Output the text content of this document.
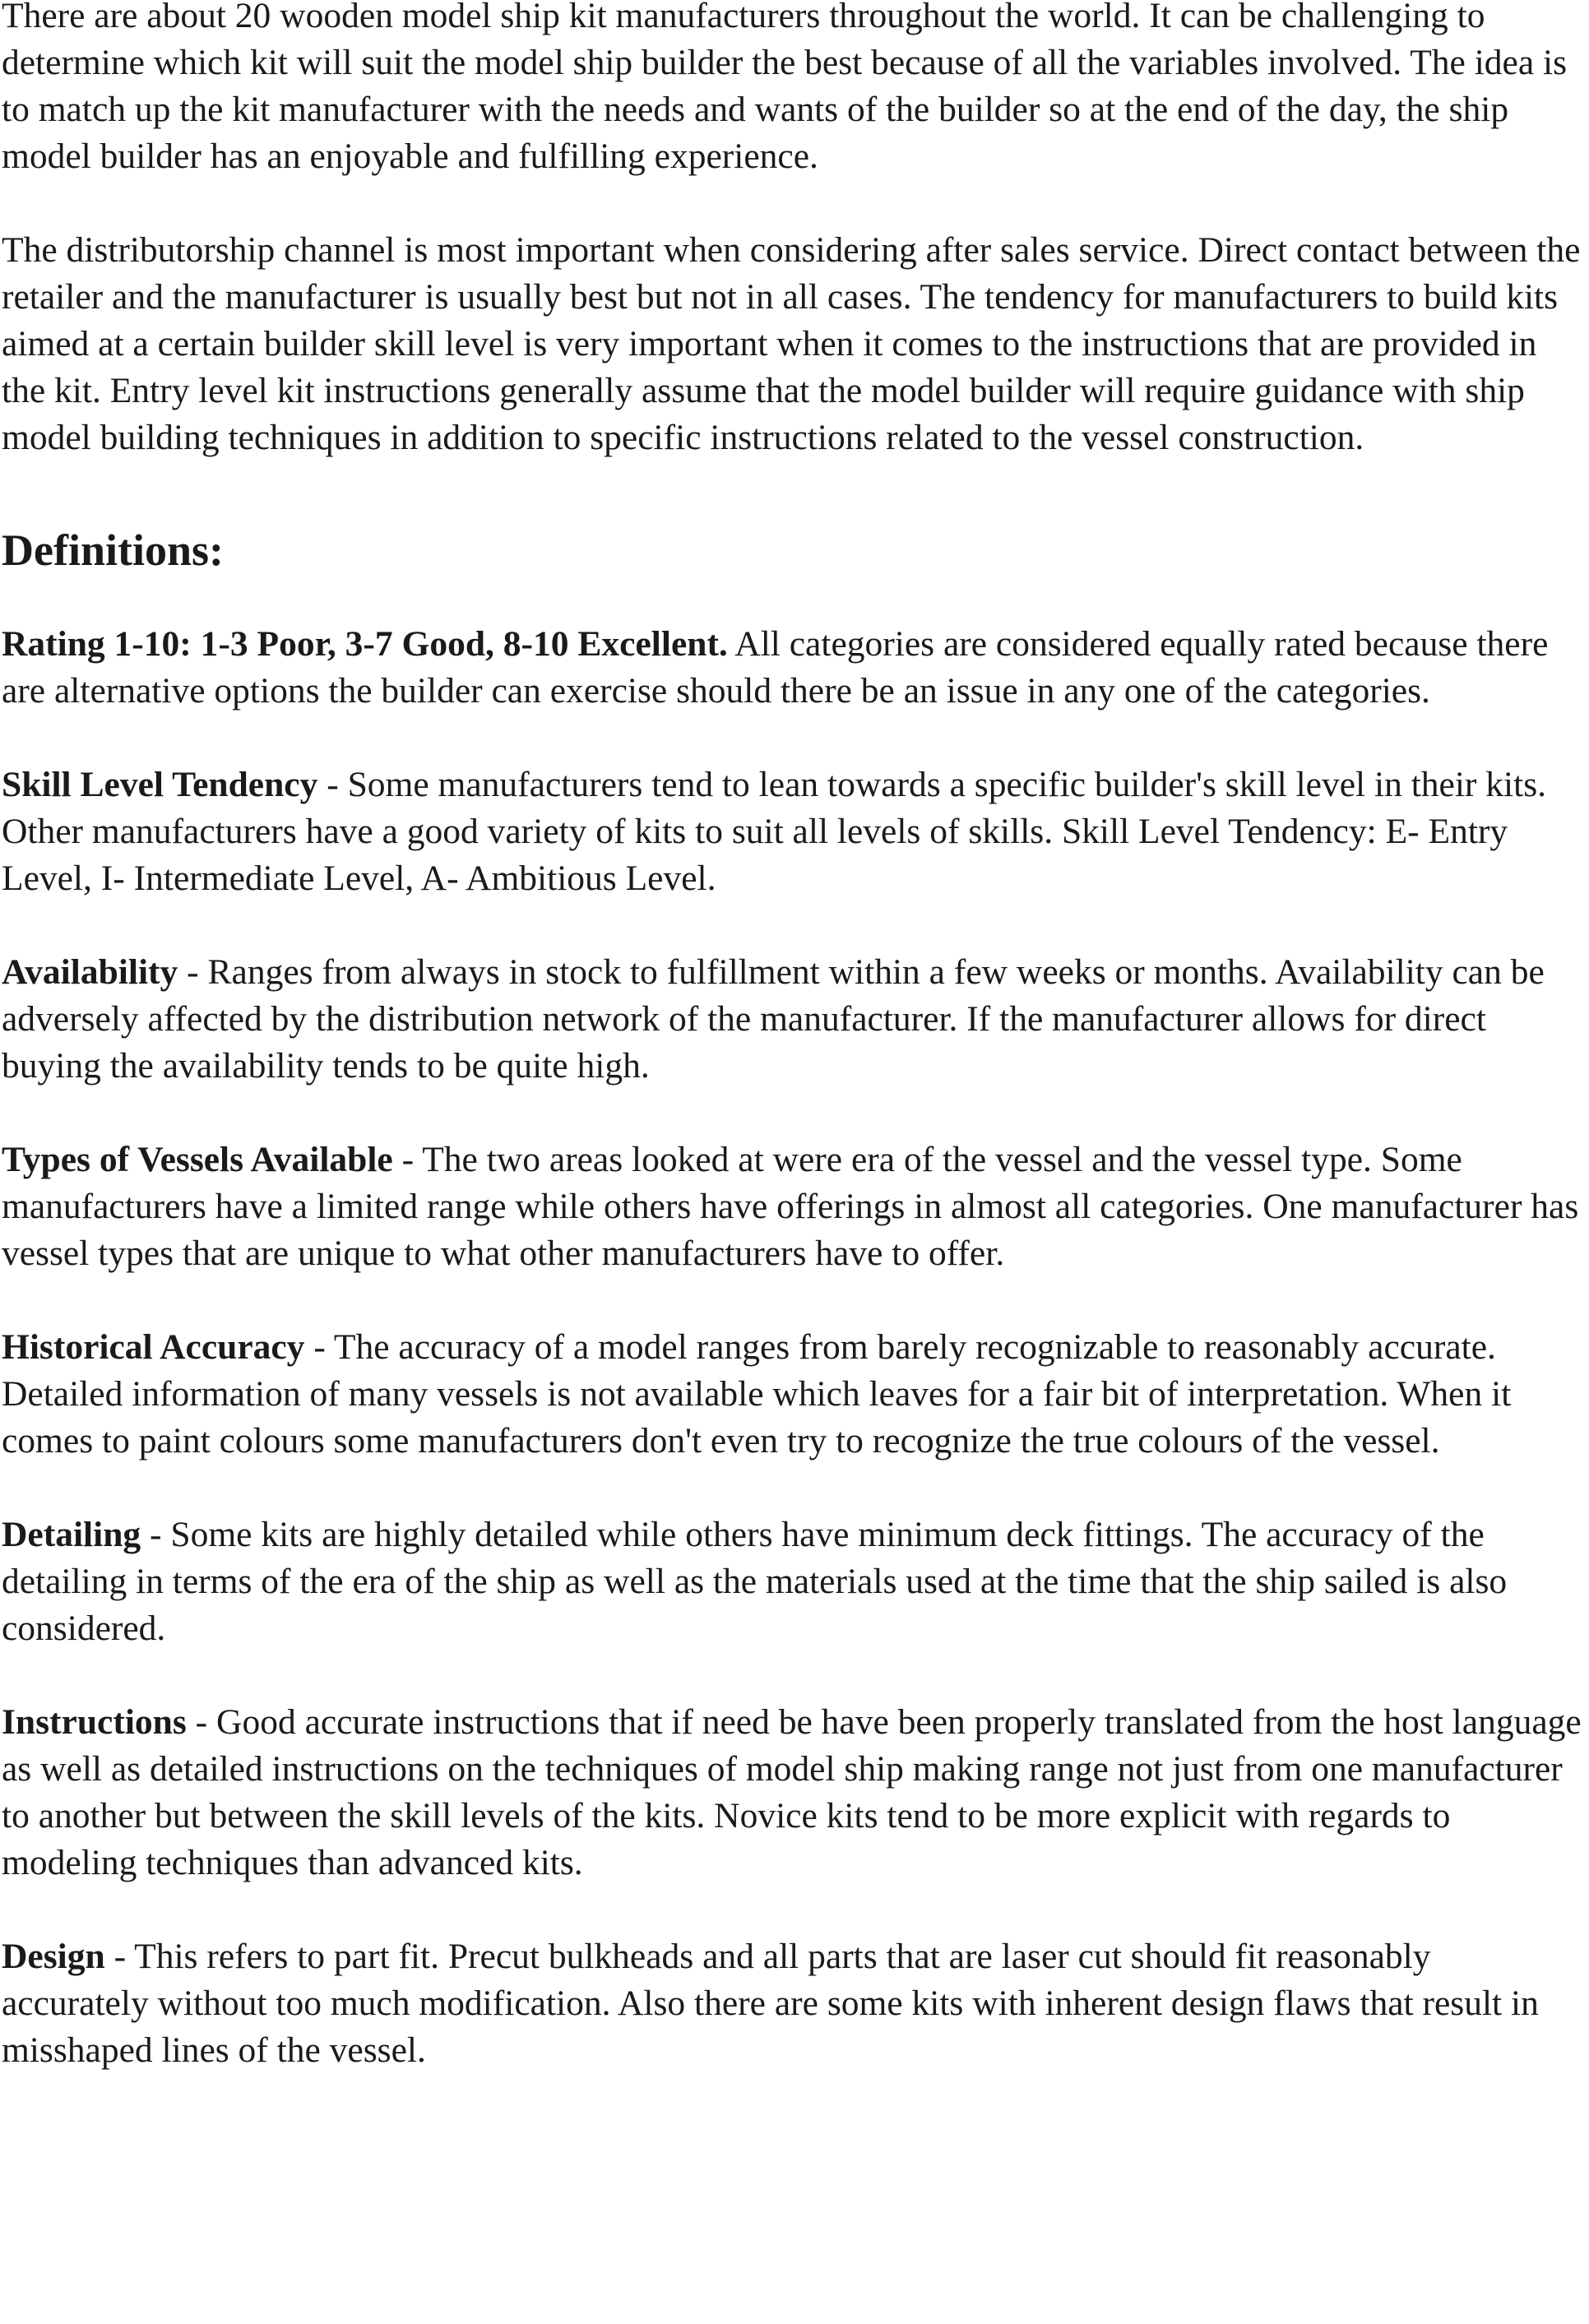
There are about 20 wooden model ship kit manufacturers throughout the world. It can be challenging to determine which kit will suit the model ship builder the best because of all the variables involved. The idea is to match up the kit manufacturer with the needs and wants of the builder so at the end of the day, the ship model builder has an enjoyable and fulfilling experience.

The distributorship channel is most important when considering after sales service. Direct contact between the retailer and the manufacturer is usually best but not in all cases. The tendency for manufacturers to build kits aimed at a certain builder skill level is very important when it comes to the instructions that are provided in the kit. Entry level kit instructions generally assume that the model builder will require guidance with ship model building techniques in addition to specific instructions related to the vessel construction.

Definitions:

Rating 1-10: 1-3 Poor, 3-7 Good, 8-10 Excellent. All categories are considered equally rated because there are alternative options the builder can exercise should there be an issue in any one of the categories.

Skill Level Tendency - Some manufacturers tend to lean towards a specific builder's skill level in their kits. Other manufacturers have a good variety of kits to suit all levels of skills. Skill Level Tendency: E- Entry Level, I- Intermediate Level, A- Ambitious Level.

Availability - Ranges from always in stock to fulfillment within a few weeks or months. Availability can be adversely affected by the distribution network of the manufacturer. If the manufacturer allows for direct buying the availability tends to be quite high.

Types of Vessels Available - The two areas looked at were era of the vessel and the vessel type. Some manufacturers have a limited range while others have offerings in almost all categories. One manufacturer has vessel types that are unique to what other manufacturers have to offer.

Historical Accuracy - The accuracy of a model ranges from barely recognizable to reasonably accurate. Detailed information of many vessels is not available which leaves for a fair bit of interpretation. When it comes to paint colours some manufacturers don't even try to recognize the true colours of the vessel.

Detailing - Some kits are highly detailed while others have minimum deck fittings. The accuracy of the detailing in terms of the era of the ship as well as the materials used at the time that the ship sailed is also considered.

Instructions - Good accurate instructions that if need be have been properly translated from the host language as well as detailed instructions on the techniques of model ship making range not just from one manufacturer to another but between the skill levels of the kits. Novice kits tend to be more explicit with regards to modeling techniques than advanced kits.

Design - This refers to part fit. Precut bulkheads and all parts that are laser cut should fit reasonably accurately without too much modification. Also there are some kits with inherent design flaws that result in misshaped lines of the vessel.
